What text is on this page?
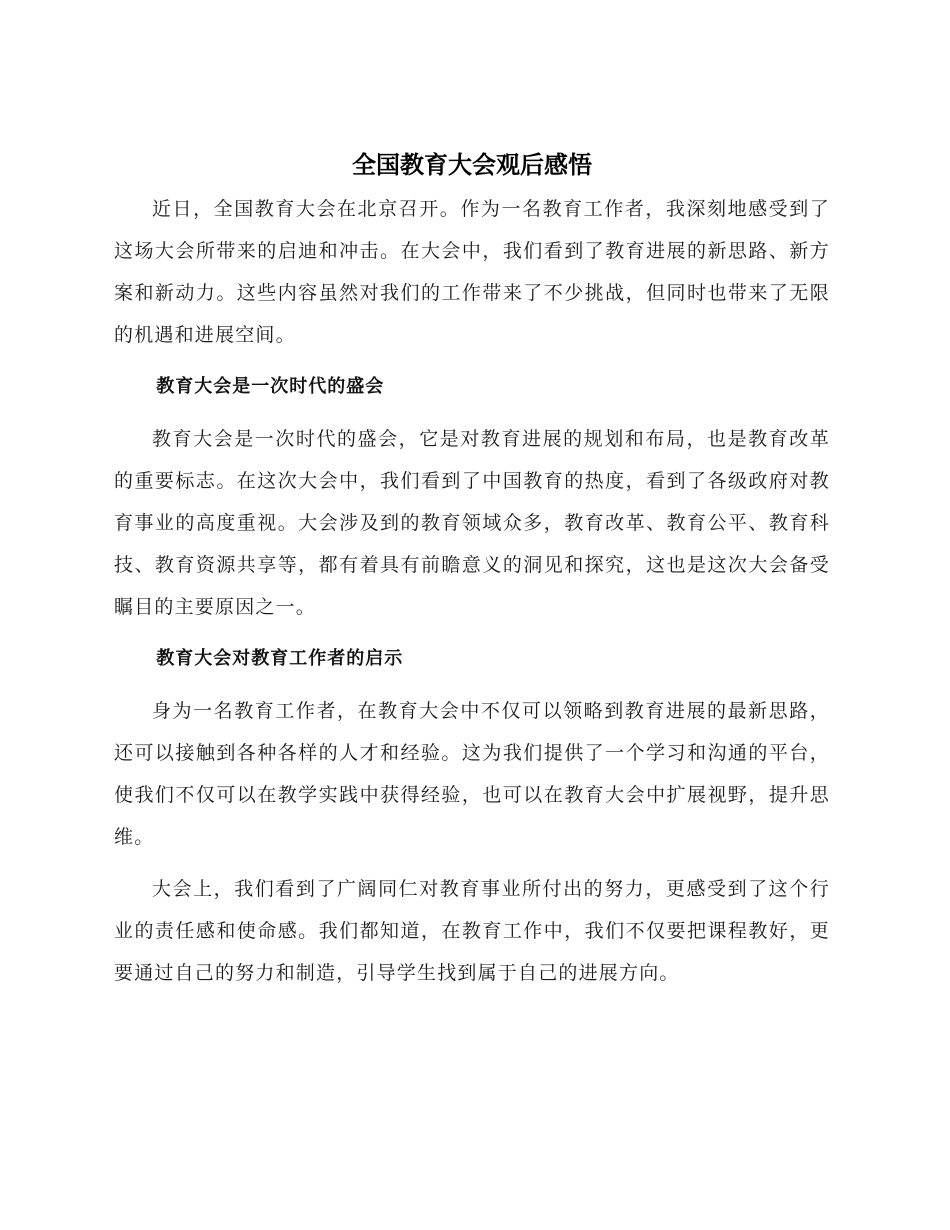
全国教育大会观后感悟

近日，全国教育大会在北京召开。作为一名教育工作者，我深刻地感受到了这场大会所带来的启迪和冲击。在大会中，我们看到了教育进展的新思路、新方案和新动力。这些内容虽然对我们的工作带来了不少挑战，但同时也带来了无限的机遇和进展空间。

教育大会是一次时代的盛会

教育大会是一次时代的盛会，它是对教育进展的规划和布局，也是教育改革的重要标志。在这次大会中，我们看到了中国教育的热度，看到了各级政府对教育事业的高度重视。大会涉及到的教育领域众多，教育改革、教育公平、教育科技、教育资源共享等，都有着具有前瞻意义的洞见和探究，这也是这次大会备受瞩目的主要原因之一。

教育大会对教育工作者的启示

身为一名教育工作者，在教育大会中不仅可以领略到教育进展的最新思路，还可以接触到各种各样的人才和经验。这为我们提供了一个学习和沟通的平台，使我们不仅可以在教学实践中获得经验，也可以在教育大会中扩展视野，提升思维。

大会上，我们看到了广阔同仁对教育事业所付出的努力，更感受到了这个行业的责任感和使命感。我们都知道，在教育工作中，我们不仅要把课程教好，更要通过自己的努力和制造，引导学生找到属于自己的进展方向。
